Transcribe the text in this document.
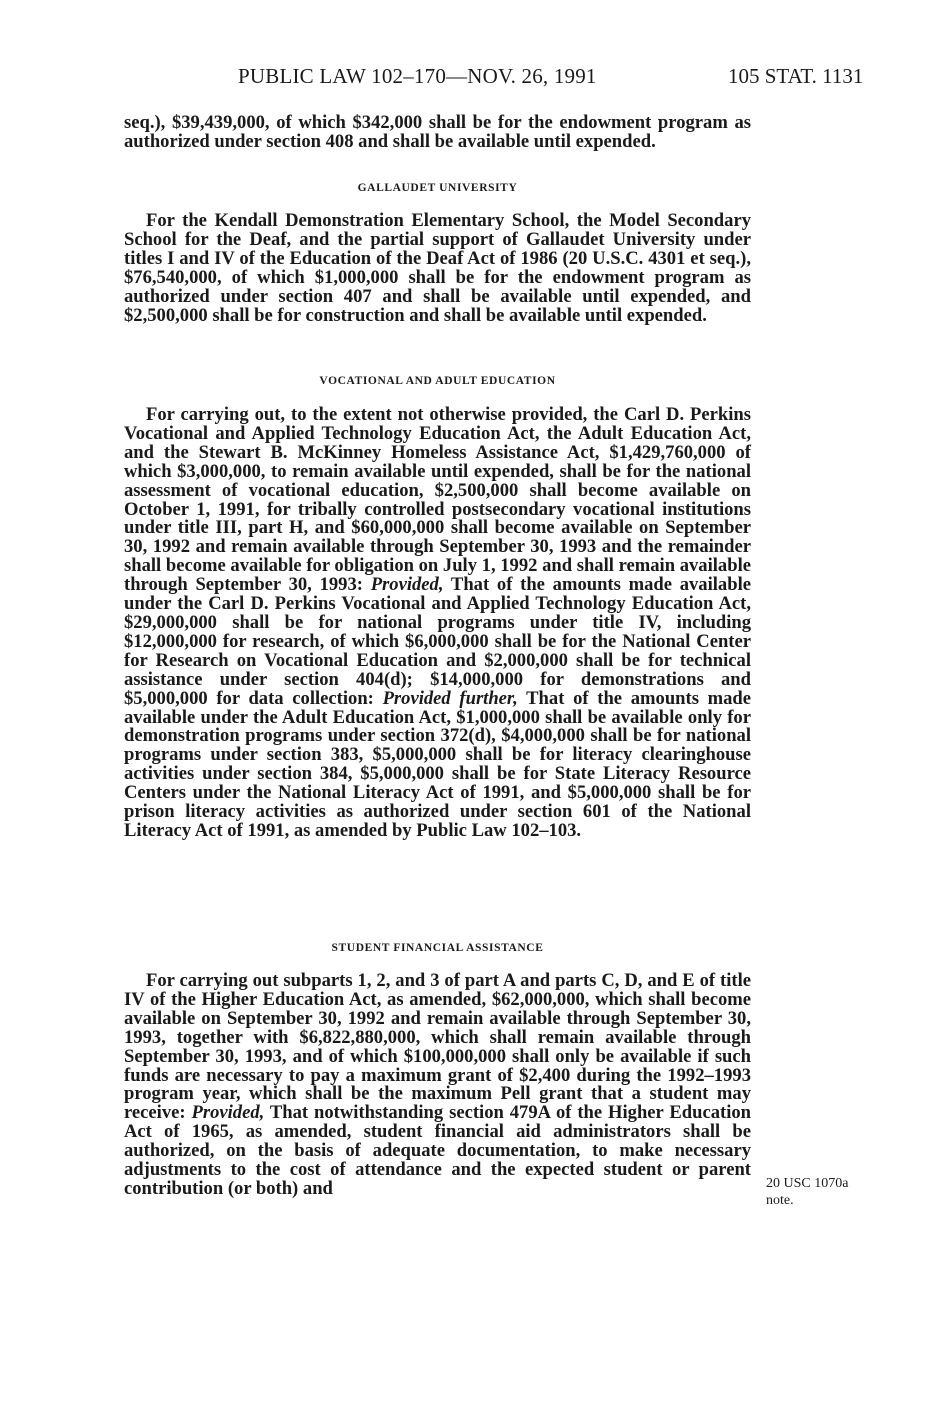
PUBLIC LAW 102–170—NOV. 26, 1991	105 STAT. 1131

seq.), $39,439,000, of which $342,000 shall be for the endowment program as authorized under section 408 and shall be available until expended.

GALLAUDET UNIVERSITY

For the Kendall Demonstration Elementary School, the Model Secondary School for the Deaf, and the partial support of Gallaudet University under titles I and IV of the Education of the Deaf Act of 1986 (20 U.S.C. 4301 et seq.), $76,540,000, of which $1,000,000 shall be for the endowment program as authorized under section 407 and shall be available until expended, and $2,500,000 shall be for construction and shall be available until expended.

VOCATIONAL AND ADULT EDUCATION

For carrying out, to the extent not otherwise provided, the Carl D. Perkins Vocational and Applied Technology Education Act, the Adult Education Act, and the Stewart B. McKinney Homeless Assistance Act, $1,429,760,000 of which $3,000,000, to remain available until expended, shall be for the national assessment of vocational education, $2,500,000 shall become available on October 1, 1991, for tribally controlled postsecondary vocational institutions under title III, part H, and $60,000,000 shall become available on September 30, 1992 and remain available through September 30, 1993 and the remainder shall become available for obligation on July 1, 1992 and shall remain available through September 30, 1993: Provided, That of the amounts made available under the Carl D. Perkins Vocational and Applied Technology Education Act, $29,000,000 shall be for national programs under title IV, including $12,000,000 for research, of which $6,000,000 shall be for the National Center for Research on Vocational Education and $2,000,000 shall be for technical assistance under section 404(d); $14,000,000 for demonstrations and $5,000,000 for data collection: Provided further, That of the amounts made available under the Adult Education Act, $1,000,000 shall be available only for demonstration programs under section 372(d), $4,000,000 shall be for national programs under section 383, $5,000,000 shall be for literacy clearinghouse activities under section 384, $5,000,000 shall be for State Literacy Resource Centers under the National Literacy Act of 1991, and $5,000,000 shall be for prison literacy activities as authorized under section 601 of the National Literacy Act of 1991, as amended by Public Law 102–103.

STUDENT FINANCIAL ASSISTANCE

For carrying out subparts 1, 2, and 3 of part A and parts C, D, and E of title IV of the Higher Education Act, as amended, $62,000,000, which shall become available on September 30, 1992 and remain available through September 30, 1993, together with $6,822,880,000, which shall remain available through September 30, 1993, and of which $100,000,000 shall only be available if such funds are necessary to pay a maximum grant of $2,400 during the 1992–1993 program year, which shall be the maximum Pell grant that a student may receive: Provided, That notwithstanding section 479A of the Higher Education Act of 1965, as amended, student financial aid administrators shall be authorized, on the basis of adequate documentation, to make necessary adjustments to the cost of attendance and the expected student or parent contribution (or both) and	20 USC 1070a
note.
